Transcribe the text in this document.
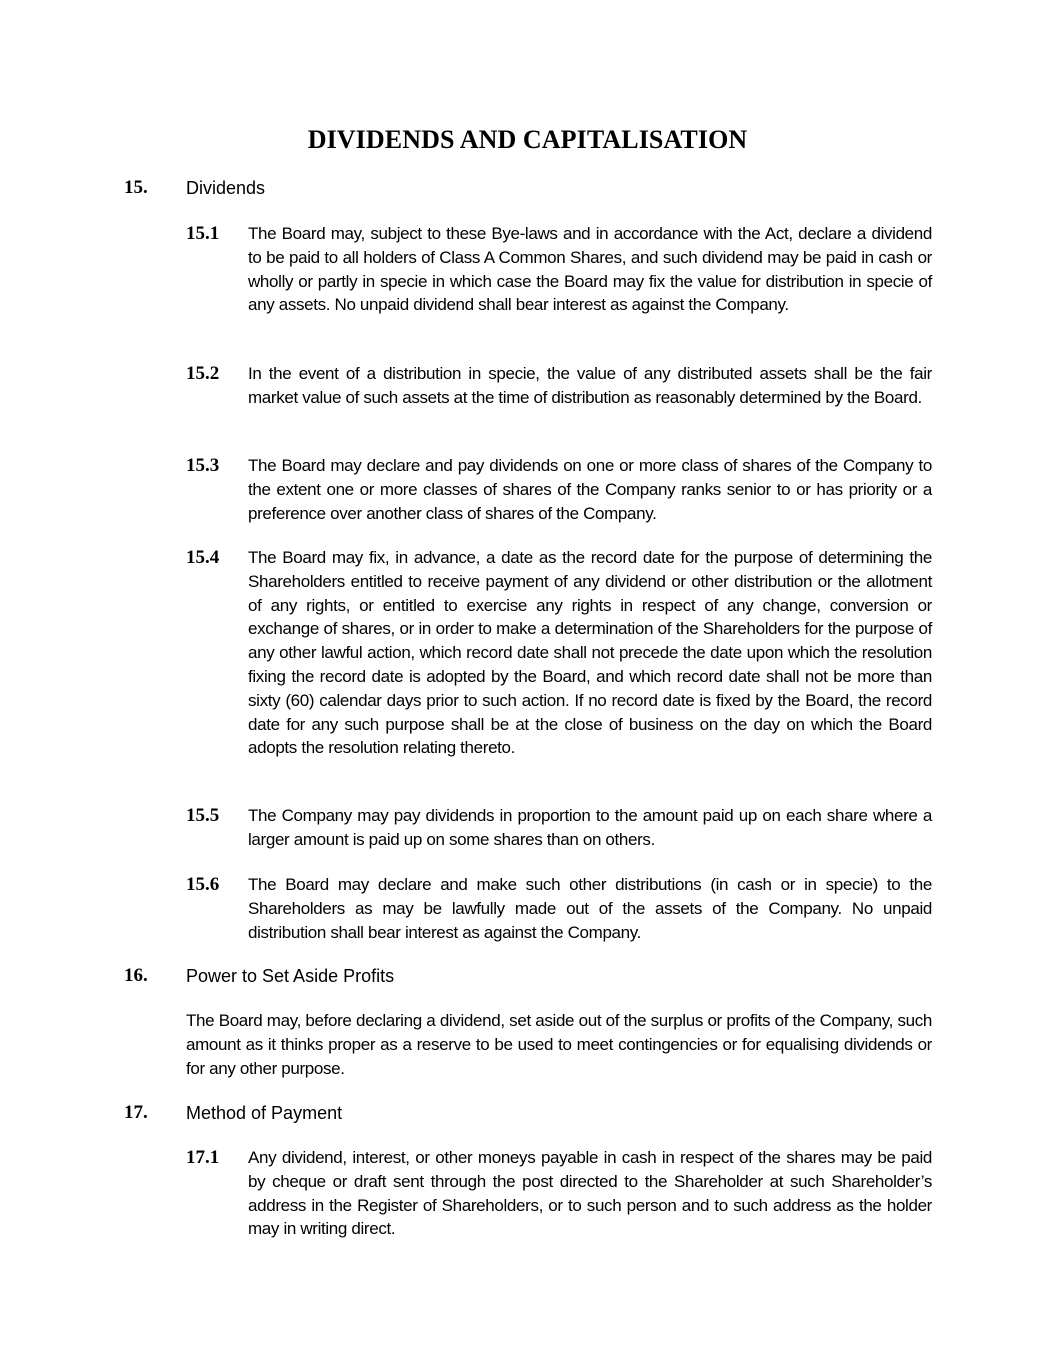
DIVIDENDS AND CAPITALISATION
15. Dividends
15.1 The Board may, subject to these Bye-laws and in accordance with the Act, declare a dividend to be paid to all holders of Class A Common Shares, and such dividend may be paid in cash or wholly or partly in specie in which case the Board may fix the value for distribution in specie of any assets. No unpaid dividend shall bear interest as against the Company.
15.2 In the event of a distribution in specie, the value of any distributed assets shall be the fair market value of such assets at the time of distribution as reasonably determined by the Board.
15.3 The Board may declare and pay dividends on one or more class of shares of the Company to the extent one or more classes of shares of the Company ranks senior to or has priority or a preference over another class of shares of the Company.
15.4 The Board may fix, in advance, a date as the record date for the purpose of determining the Shareholders entitled to receive payment of any dividend or other distribution or the allotment of any rights, or entitled to exercise any rights in respect of any change, conversion or exchange of shares, or in order to make a determination of the Shareholders for the purpose of any other lawful action, which record date shall not precede the date upon which the resolution fixing the record date is adopted by the Board, and which record date shall not be more than sixty (60) calendar days prior to such action. If no record date is fixed by the Board, the record date for any such purpose shall be at the close of business on the day on which the Board adopts the resolution relating thereto.
15.5 The Company may pay dividends in proportion to the amount paid up on each share where a larger amount is paid up on some shares than on others.
15.6 The Board may declare and make such other distributions (in cash or in specie) to the Shareholders as may be lawfully made out of the assets of the Company. No unpaid distribution shall bear interest as against the Company.
16. Power to Set Aside Profits
The Board may, before declaring a dividend, set aside out of the surplus or profits of the Company, such amount as it thinks proper as a reserve to be used to meet contingencies or for equalising dividends or for any other purpose.
17. Method of Payment
17.1 Any dividend, interest, or other moneys payable in cash in respect of the shares may be paid by cheque or draft sent through the post directed to the Shareholder at such Shareholder’s address in the Register of Shareholders, or to such person and to such address as the holder may in writing direct.
